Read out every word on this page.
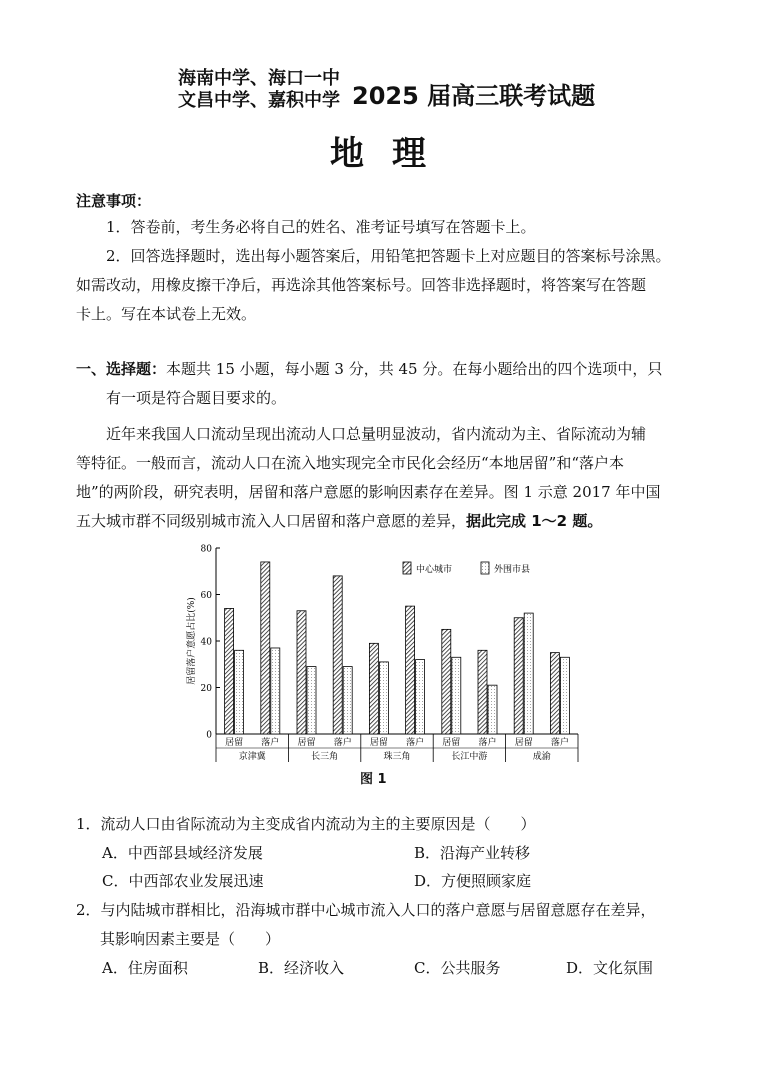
海南中学、海口一中
文昌中学、嘉积中学 2025 届高三联考试题
地理
注意事项：
1．答卷前，考生务必将自己的姓名、准考证号填写在答题卡上。
2．回答选择题时，选出每小题答案后，用铅笔把答题卡上对应题目的答案标号涂黑。
如需改动，用橡皮擦干净后，再选涂其他答案标号。回答非选择题时，将答案写在答题
卡上。写在本试卷上无效。
一、选择题：本题共 15 小题，每小题 3 分，共 45 分。在每小题给出的四个选项中，只
有一项是符合题目要求的。
近年来我国人口流动呈现出流动人口总量明显波动，省内流动为主、省际流动为辅
等特征。一般而言，流动人口在流入地实现完全市民化会经历“本地居留”和“落户本
地”的两阶段，研究表明，居留和落户意愿的影响因素存在差异。图 1 示意 2017 年中国
五大城市群不同级别城市流入人口居留和落户意愿的差异，据此完成 1～2 题。
0
20
40
60
80
居留落户意愿占比(%)
居留 落户
京津冀
居留 落户
长三角
居留 落户
珠三角
居留 落户
长江中游
居留 落户
成渝
中心城市	外围市县
图 1
1．流动人口由省际流动为主变成省内流动为主的主要原因是（　　）
A．中西部县域经济发展	B．沿海产业转移
C．中西部农业发展迅速	D．方便照顾家庭
2．与内陆城市群相比，沿海城市群中心城市流入人口的落户意愿与居留意愿存在差异，
其影响因素主要是（　　）
A．住房面积	B．经济收入	C．公共服务	D．文化氛围
